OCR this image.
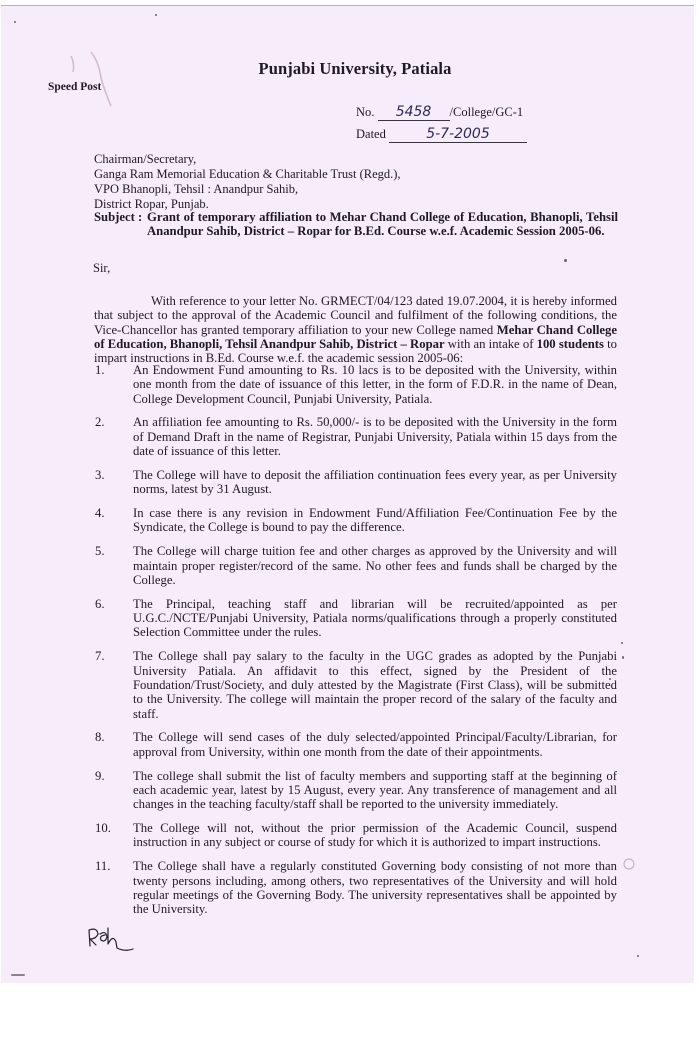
Punjabi University, Patiala
Speed Post
No. 5458 /College/GC-1
Dated	5-7-2005
Chairman/Secretary,
Ganga Ram Memorial Education & Charitable Trust (Regd.),
VPO Bhanopli, Tehsil : Anandpur Sahib,
District Ropar, Punjab.
Subject : Grant of temporary affiliation to Mehar Chand College of Education, Bhanopli, Tehsil Anandpur Sahib, District – Ropar for B.Ed. Course w.e.f. Academic Session 2005-06.
Sir,
With reference to your letter No. GRMECT/04/123 dated 19.07.2004, it is hereby informed that subject to the approval of the Academic Council and fulfilment of the following conditions, the Vice-Chancellor has granted temporary affiliation to your new College named Mehar Chand College of Education, Bhanopli, Tehsil Anandpur Sahib, District – Ropar with an intake of 100 students to impart instructions in B.Ed. Course w.e.f. the academic session 2005-06:
1. An Endowment Fund amounting to Rs. 10 lacs is to be deposited with the University, within one month from the date of issuance of this letter, in the form of F.D.R. in the name of Dean, College Development Council, Punjabi University, Patiala.
2. An affiliation fee amounting to Rs. 50,000/- is to be deposited with the University in the form of Demand Draft in the name of Registrar, Punjabi University, Patiala within 15 days from the date of issuance of this letter.
3. The College will have to deposit the affiliation continuation fees every year, as per University norms, latest by 31 August.
4. In case there is any revision in Endowment Fund/Affiliation Fee/Continuation Fee by the Syndicate, the College is bound to pay the difference.
5. The College will charge tuition fee and other charges as approved by the University and will maintain proper register/record of the same. No other fees and funds shall be charged by the College.
6. The Principal, teaching staff and librarian will be recruited/appointed as per U.G.C./NCTE/Punjabi University, Patiala norms/qualifications through a properly constituted Selection Committee under the rules.
7. The College shall pay salary to the faculty in the UGC grades as adopted by the Punjabi University Patiala. An affidavit to this effect, signed by the President of the Foundation/Trust/Society, and duly attested by the Magistrate (First Class), will be submitted to the University. The college will maintain the proper record of the salary of the faculty and staff.
8. The College will send cases of the duly selected/appointed Principal/Faculty/Librarian, for approval from University, within one month from the date of their appointments.
9. The college shall submit the list of faculty members and supporting staff at the beginning of each academic year, latest by 15 August, every year. Any transference of management and all changes in the teaching faculty/staff shall be reported to the university immediately.
10. The College will not, without the prior permission of the Academic Council, suspend instruction in any subject or course of study for which it is authorized to impart instructions.
11. The College shall have a regularly constituted Governing body consisting of not more than twenty persons including, among others, two representatives of the University and will hold regular meetings of the Governing Body. The university representatives shall be appointed by the University.
